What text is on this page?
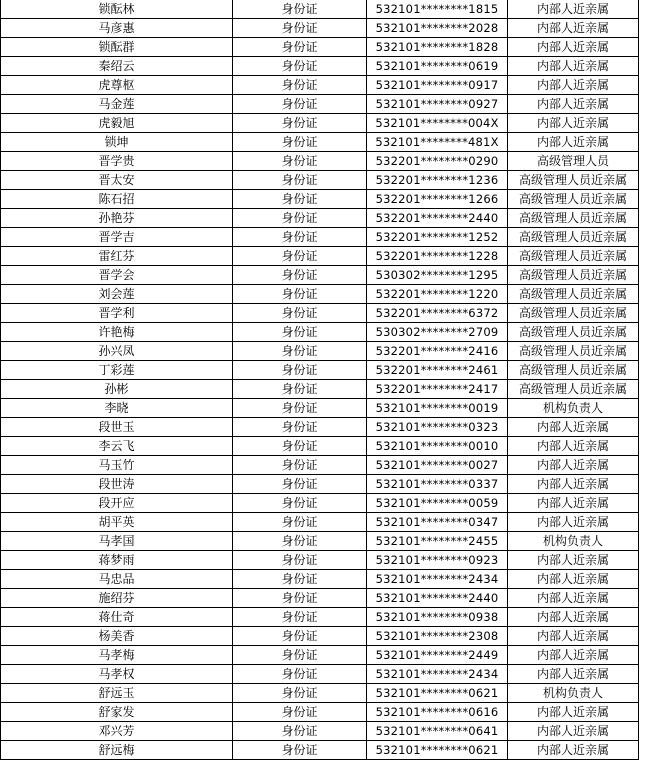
锁酝林	身份证	532101********1815	内部人近亲属
马彦惠	身份证	532101********2028	内部人近亲属
锁酝群	身份证	532101********1828	内部人近亲属
秦绍云	身份证	532101********0619	内部人近亲属
虎尊枢	身份证	532101********0917	内部人近亲属
马金莲	身份证	532101********0927	内部人近亲属
虎毅旭	身份证	532101********004X	内部人近亲属
锁坤	身份证	532101********481X	内部人近亲属
晋学贵	身份证	532201********0290	高级管理人员
晋太安	身份证	532201********1236	高级管理人员近亲属
陈石招	身份证	532201********1266	高级管理人员近亲属
孙艳芬	身份证	532201********2440	高级管理人员近亲属
晋学吉	身份证	532201********1252	高级管理人员近亲属
雷红芬	身份证	532201********1228	高级管理人员近亲属
晋学会	身份证	530302********1295	高级管理人员近亲属
刘会莲	身份证	532201********1220	高级管理人员近亲属
晋学利	身份证	532201********6372	高级管理人员近亲属
许艳梅	身份证	530302********2709	高级管理人员近亲属
孙兴凤	身份证	532201********2416	高级管理人员近亲属
丁彩莲	身份证	532201********2461	高级管理人员近亲属
孙彬	身份证	532201********2417	高级管理人员近亲属
李晓	身份证	532101********0019	机构负责人
段世玉	身份证	532101********0323	内部人近亲属
李云飞	身份证	532101********0010	内部人近亲属
马玉竹	身份证	532101********0027	内部人近亲属
段世涛	身份证	532101********0337	内部人近亲属
段开应	身份证	532101********0059	内部人近亲属
胡平英	身份证	532101********0347	内部人近亲属
马孝国	身份证	532101********2455	机构负责人
蒋梦雨	身份证	532101********0923	内部人近亲属
马忠品	身份证	532101********2434	内部人近亲属
施绍芬	身份证	532101********2440	内部人近亲属
蒋仕奇	身份证	532101********0938	内部人近亲属
杨美香	身份证	532101********2308	内部人近亲属
马孝梅	身份证	532101********2449	内部人近亲属
马孝权	身份证	532101********2434	内部人近亲属
舒远玉	身份证	532101********0621	机构负责人
舒家发	身份证	532101********0616	内部人近亲属
邓兴芳	身份证	532101********0641	内部人近亲属
舒远梅	身份证	532101********0621	内部人近亲属
